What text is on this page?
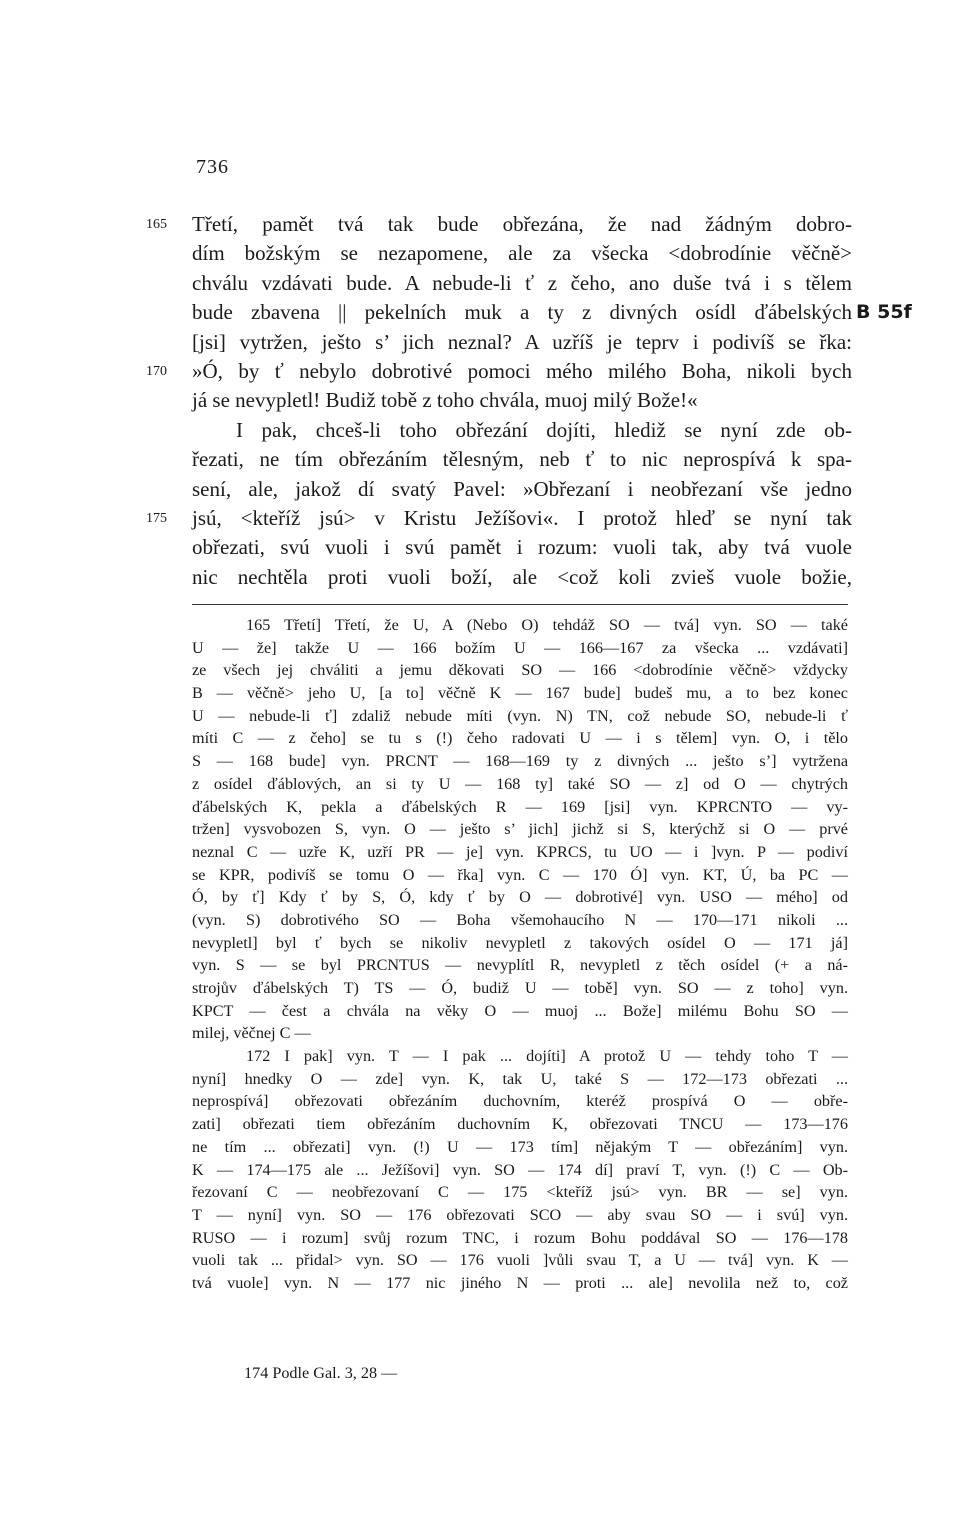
736
165	Třetí, pamět tvá tak bude obřezána, že nad žádným dobro-
dím božským se nezapomene, ale za všecka <dobrodínie věčně>
chválu vzdávati bude. A nebude-li ť z čeho, ano duše tvá i s tělem
bude zbavena || pekelních muk a ty z divných osídl ďábelských B 55f
[jsi] vytržen, ješto s’ jich neznal? A uzříš je teprv i podivíš se řka:
170	»Ó, by ť nebylo dobrotivé pomoci mého milého Boha, nikoli bych
já se nevypletl! Budiž tobě z toho chvála, muoj milý Bože!«
I pak, chceš-li toho obřezání dojíti, hlediž se nyní zde ob-
řezati, ne tím obřezáním tělesným, neb ť to nic neprospívá k spa-
sení, ale, jakož dí svatý Pavel: »Obřezaní i neobřezaní vše jedno
175	jsú, <kteříž jsú> v Kristu Ježíšovi«. I protož hleď se nyní tak
obřezati, svú vuoli i svú pamět i rozum: vuoli tak, aby tvá vuole
nic nechtěla proti vuoli boží, ale <což koli zvieš vuole božie,
165 Třetí] Třetí, že U, A (Nebo O) tehdáž SO — tvá] vyn. SO — také
U — že] takže U — 166 božím U — 166—167 za všecka ... vzdávati]
ze všech jej chváliti a jemu děkovati SO — 166 <dobrodínie věčně> vždycky
B — věčně> jeho U, [a to] věčně K — 167 bude] budeš mu, a to bez konec
U — nebude-li ť] zdaliž nebude míti (vyn. N) TN, což nebude SO, nebude-li ť
míti C — z čeho] se tu s (!) čeho radovati U — i s tělem] vyn. O, i tělo
S — 168 bude] vyn. PRCNT — 168—169 ty z divných ... ješto s’] vytržena
z osídel ďáblových, an si ty U — 168 ty] také SO — z] od O — chytrých
ďábelských K, pekla a ďábelských R — 169 [jsi] vyn. KPRCNTO — vy-
tržen] vysvobozen S, vyn. O — ješto s’ jich] jichž si S, kterýchž si O — prvé
neznal C — uzře K, uzří PR — je] vyn. KPRCS, tu UO — i ]vyn. P — podiví
se KPR, podivíš se tomu O — řka] vyn. C — 170 Ó] vyn. KT, Ú, ba PC —
Ó, by ť] Kdy ť by S, Ó, kdy ť by O — dobrotivé] vyn. USO — mého] od
(vyn. S) dobrotivého SO — Boha všemohaucího N — 170—171 nikoli ...
nevypletl] byl ť bych se nikoliv nevypletl z takových osídel O — 171 já]
vyn. S — se byl PRCNTUS — nevyplítl R, nevypletl z těch osídel (+ a ná-
strojův ďábelských T) TS — Ó, budiž U — tobě] vyn. SO — z toho] vyn.
KPCT — čest a chvála na věky O — muoj ... Bože] milému Bohu SO —
milej, věčnej C —
172 I pak] vyn. T — I pak ... dojíti] A protož U — tehdy toho T —
nyní] hnedky O — zde] vyn. K, tak U, také S — 172—173 obřezati ...
neprospívá] obřezovati obřezáním duchovním, kteréž prospívá O — obře-
zati] obřezati tiem obřezáním duchovním K, obřezovati TNCU — 173—176
ne tím ... obřezati] vyn. (!) U — 173 tím] nějakým T — obřezáním] vyn.
K — 174—175 ale ... Ježíšovi] vyn. SO — 174 dí] praví T, vyn. (!) C — Ob-
řezovaní C — neobřezovaní C — 175 <kteříž jsú> vyn. BR — se] vyn.
T — nyní] vyn. SO — 176 obřezovati SCO — aby svau SO — i svú] vyn.
RUSO — i rozum] svůj rozum TNC, i rozum Bohu poddával SO — 176—178
vuoli tak ... přidal> vyn. SO — 176 vuoli ]vůli svau T, a U — tvá] vyn. K —
tvá vuole] vyn. N — 177 nic jiného N — proti ... ale] nevolila než to, což
174 Podle Gal. 3, 28 —
